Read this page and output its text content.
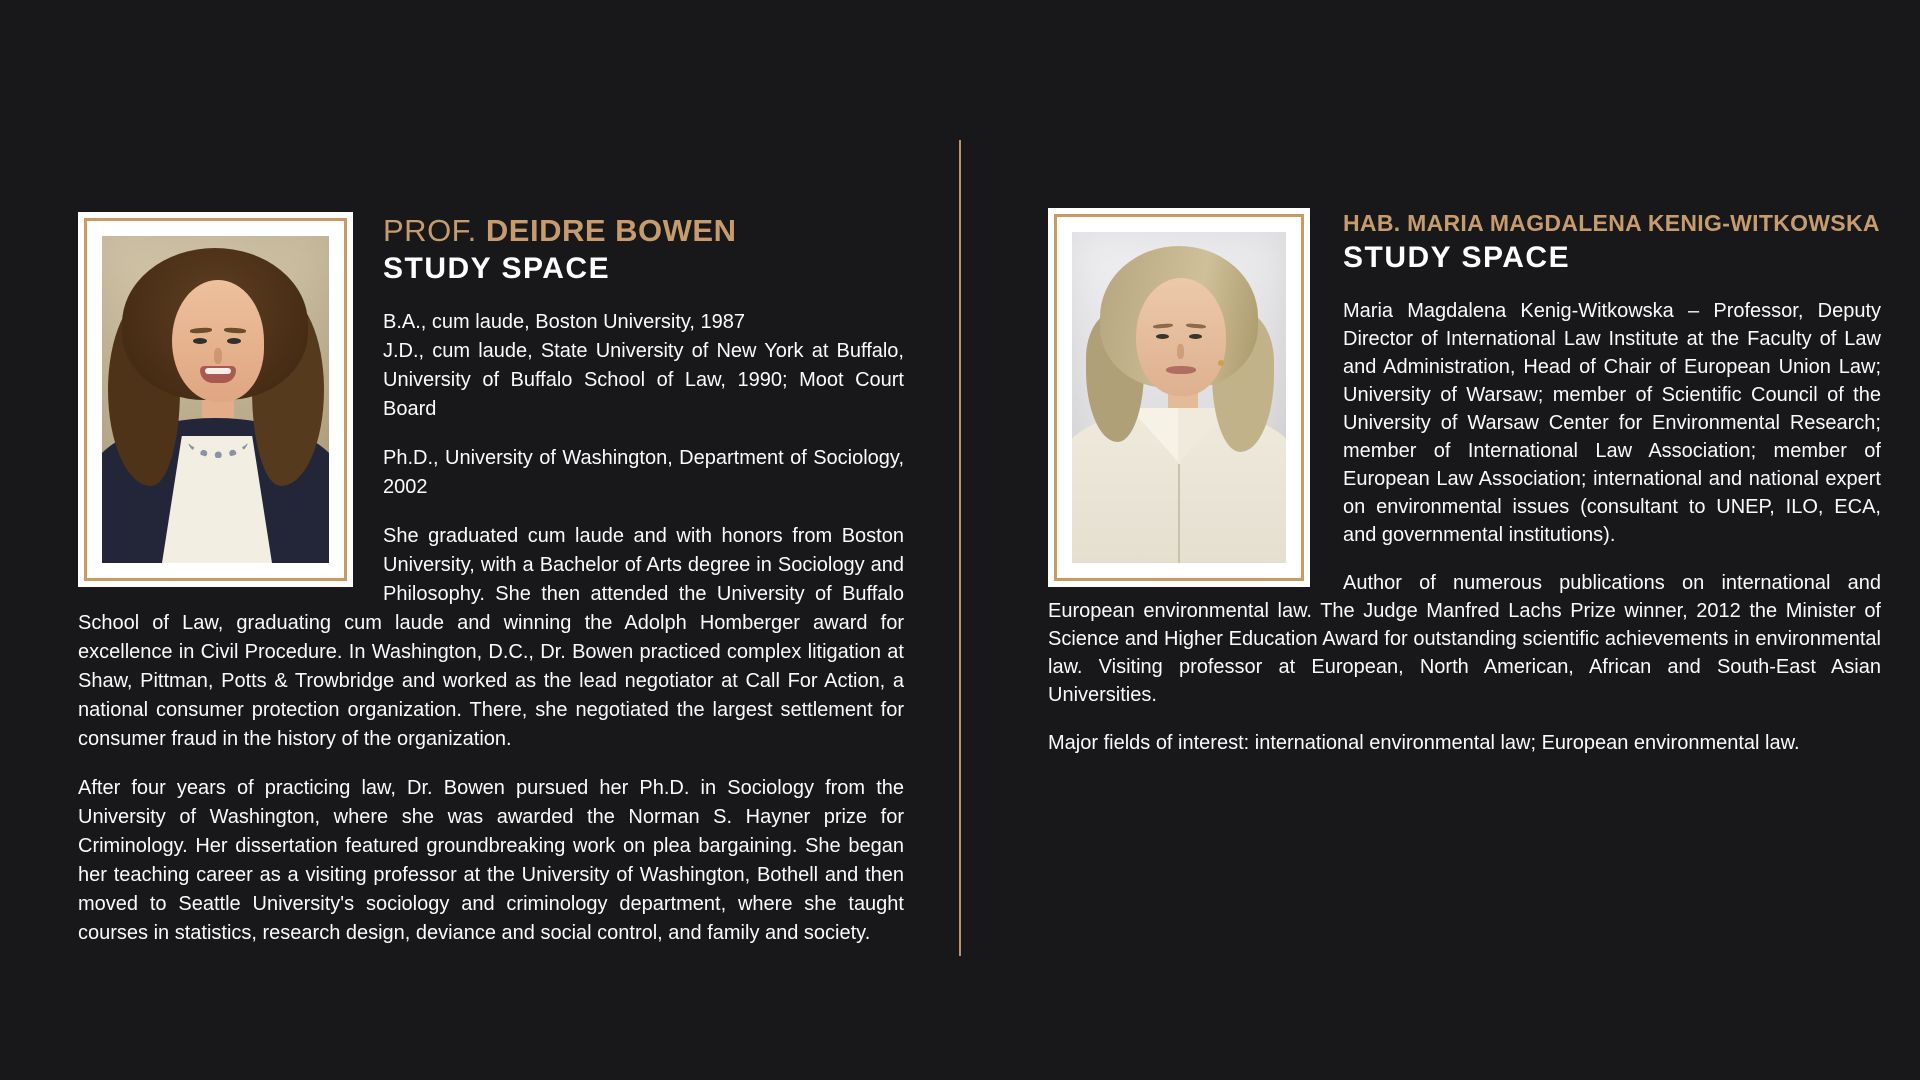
PROF. DEIDRE BOWEN
STUDY SPACE

B.A., cum laude, Boston University, 1987
J.D., cum laude, State University of New York at Buffalo, University of Buffalo School of Law, 1990; Moot Court Board

Ph.D., University of Washington, Department of Sociology, 2002

She graduated cum laude and with honors from Boston University, with a Bachelor of Arts degree in Sociology and Philosophy. She then attended the University of Buffalo School of Law, graduating cum laude and winning the Adolph Homberger award for excellence in Civil Procedure. In Washington, D.C., Dr. Bowen practiced complex litigation at Shaw, Pittman, Potts & Trowbridge and worked as the lead negotiator at Call For Action, a national consumer protection organization. There, she negotiated the largest settlement for consumer fraud in the history of the organization.

After four years of practicing law, Dr. Bowen pursued her Ph.D. in Sociology from the University of Washington, where she was awarded the Norman S. Hayner prize for Criminology. Her dissertation featured groundbreaking work on plea bargaining. She began her teaching career as a visiting professor at the University of Washington, Bothell and then moved to Seattle University's sociology and criminology department, where she taught courses in statistics, research design, deviance and social control, and family and society.

HAB. MARIA MAGDALENA KENIG-WITKOWSKA
STUDY SPACE

Maria Magdalena Kenig-Witkowska – Professor, Deputy Director of International Law Institute at the Faculty of Law and Administration, Head of Chair of European Union Law; University of Warsaw; member of Scientific Council of the University of Warsaw Center for Environmental Research; member of International Law Association; member of European Law Association; international and national expert on environmental issues (consultant to UNEP, ILO, ECA, and governmental institutions).

Author of numerous publications on international and European environmental law. The Judge Manfred Lachs Prize winner, 2012 the Minister of Science and Higher Education Award for outstanding scientific achievements in environmental law. Visiting professor at European, North American, African and South-East Asian Universities.

Major fields of interest: international environmental law; European environmental law.
